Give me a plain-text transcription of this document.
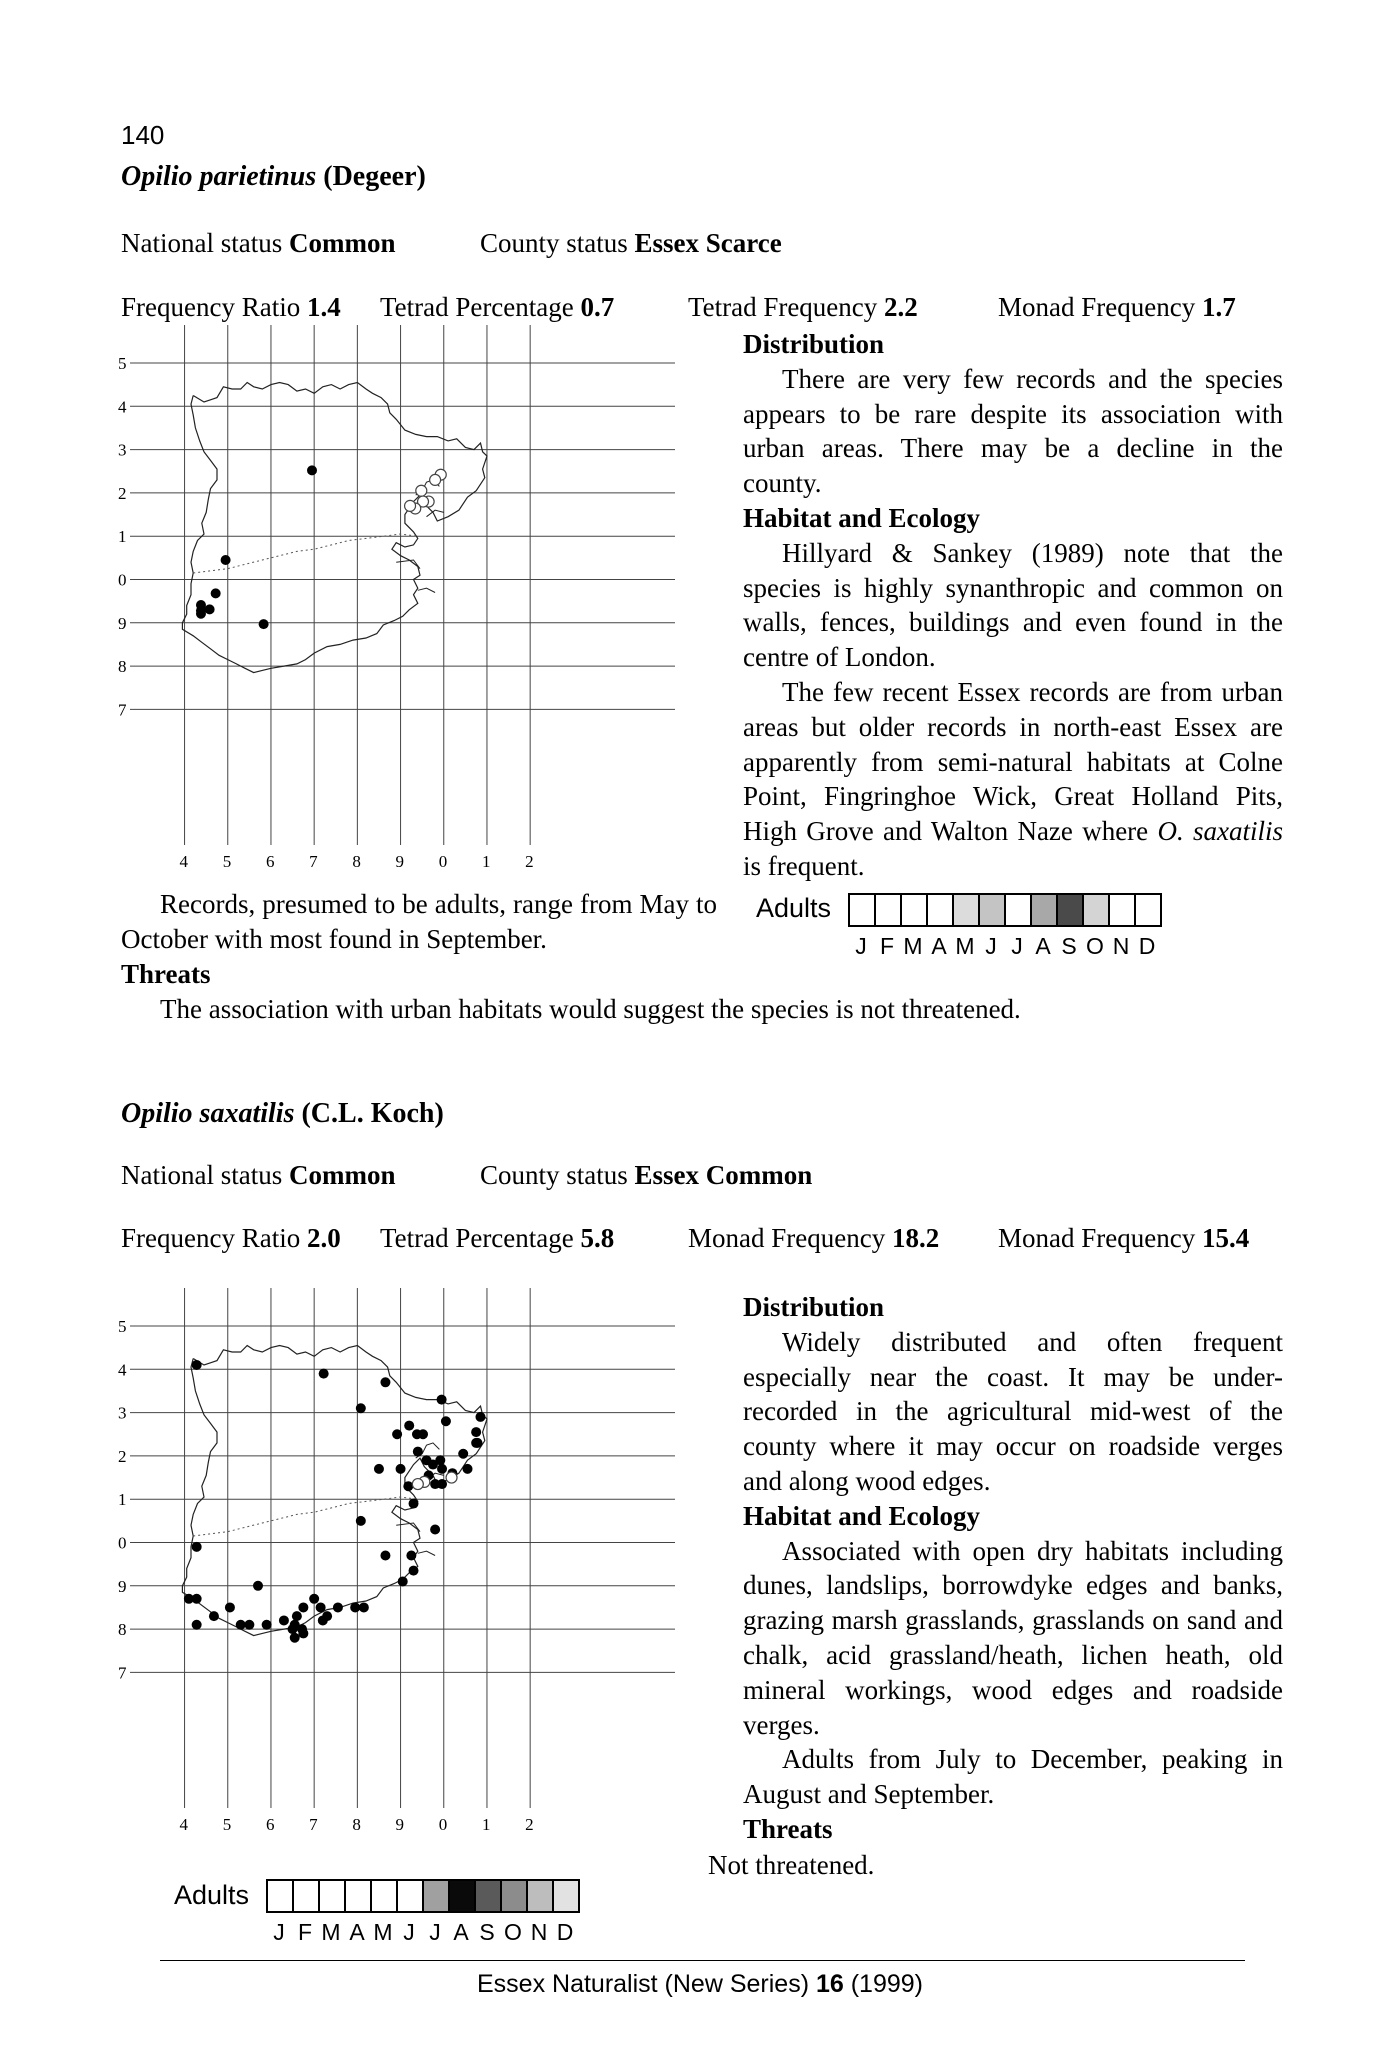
140
Opilio parietinus (Degeer)
National status Common	County status Essex Scarce
Frequency Ratio 1.4 Tetrad Percentage 0.7	Tetrad Frequency 2.2	Monad Frequency 1.7
5
4
3
2
1
0
9
8
7
4 5 6 7 8 9 0 1 2
Distribution

There are very few records and the species appears to be rare despite its association with urban areas. There may be a decline in the county.

Habitat and Ecology

Hillyard & Sankey (1989) note that the species is highly synanthropic and common on walls, fences, buildings and even found in the centre of London.

The few recent Essex records are from urban areas but older records in north-east Essex are apparently from semi-natural habitats at Colne Point, Fingringhoe Wick, Great Holland Pits, High Grove and Walton Naze where O. saxatilis is frequent.

Adults
J F M A M J J A S O N D

Records, presumed to be adults, range from May to October with most found in September.

Threats

The association with urban habitats would suggest the species is not threatened.

Opilio saxatilis (C.L. Koch)
National status Common	County status Essex Common
Frequency Ratio 2.0 Tetrad Percentage 5.8	Monad Frequency 18.2 Monad Frequency 15.4
5
4
3
2
1
0
9
8
7
4 5 6 7 8 9 0 1 2
Distribution

Widely distributed and often frequent especially near the coast. It may be under-recorded in the agricultural mid-west of the county where it may occur on roadside verges and along wood edges.

Habitat and Ecology

Associated with open dry habitats including dunes, landslips, borrowdyke edges and banks, grazing marsh grasslands, grasslands on sand and chalk, acid grassland/heath, lichen heath, old mineral workings, wood edges and roadside verges.

Adults from July to December, peaking in August and September.

Threats
Not threatened.
Adults
J F M A M J J A S O N D
Essex Naturalist (New Series) 16 (1999)
